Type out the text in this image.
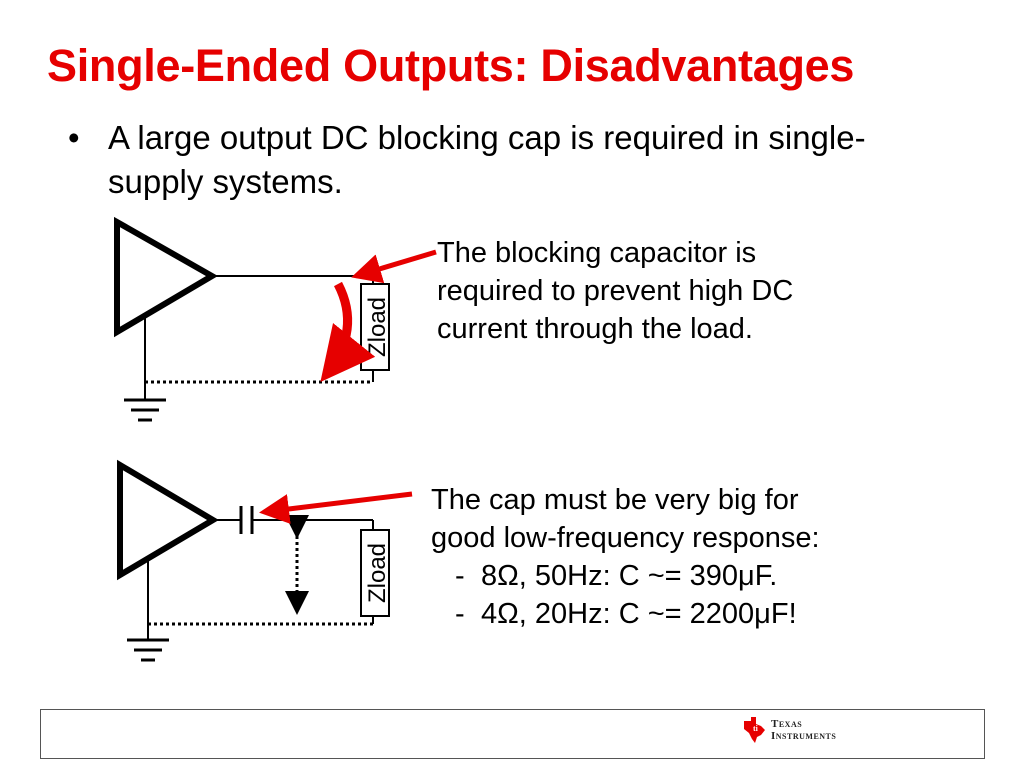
Single-Ended Outputs: Disadvantages
• A large output DC blocking cap is required in single-supply systems.
Zload
Zload
The blocking capacitor is
required to prevent high DC
current through the load.
The cap must be very big for
good low-frequency response:
- 8Ω, 50Hz: C ~= 390μF.
- 4Ω, 20Hz: C ~= 2200μF!
ti Texas
Instruments
